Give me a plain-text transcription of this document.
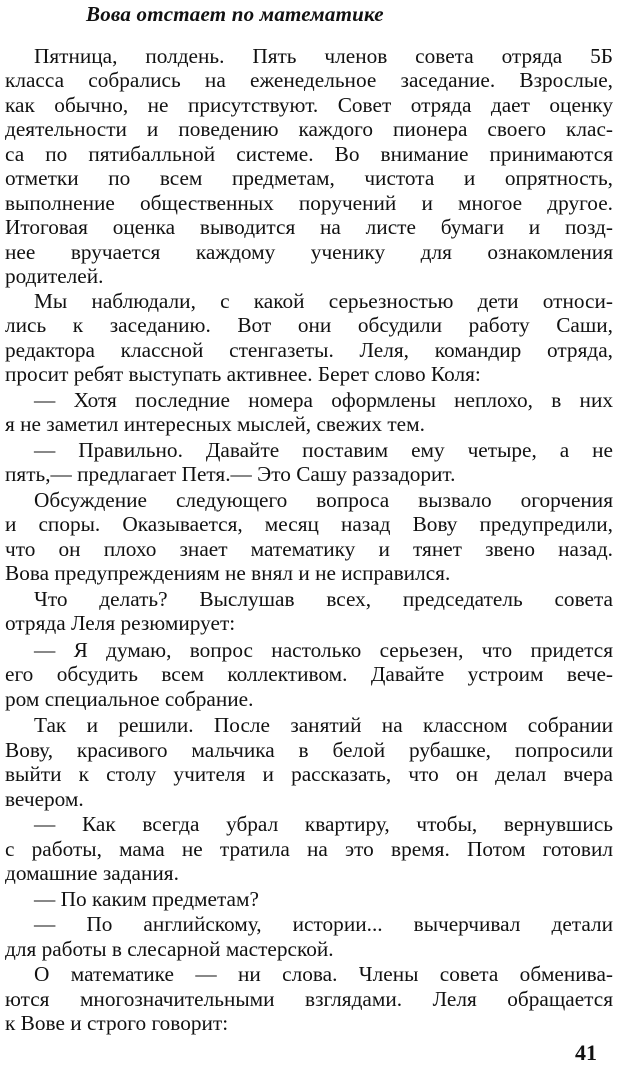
Вова отстает по математике
Пятница, полдень. Пять членов совета отряда 5Б
класса собрались на еженедельное заседание. Взрослые,
как обычно, не присутствуют. Совет отряда дает оценку
деятельности и поведению каждого пионера своего клас-
са по пятибалльной системе. Во внимание принимаются
отметки по всем предметам, чистота и опрятность,
выполнение общественных поручений и многое другое.
Итоговая оценка выводится на листе бумаги и позд-
нее вручается каждому ученику для ознакомления
родителей.
Мы наблюдали, с какой серьезностью дети относи-
лись к заседанию. Вот они обсудили работу Саши,
редактора классной стенгазеты. Леля, командир отряда,
просит ребят выступать активнее. Берет слово Коля:
— Хотя последние номера оформлены неплохо, в них
я не заметил интересных мыслей, свежих тем.
— Правильно. Давайте поставим ему четыре, а не
пять,— предлагает Петя.— Это Сашу раззадорит.
Обсуждение следующего вопроса вызвало огорчения
и споры. Оказывается, месяц назад Вову предупредили,
что он плохо знает математику и тянет звено назад.
Вова предупреждениям не внял и не исправился.
Что делать? Выслушав всех, председатель совета
отряда Леля резюмирует:
— Я думаю, вопрос настолько серьезен, что придется
его обсудить всем коллективом. Давайте устроим вече-
ром специальное собрание.
Так и решили. После занятий на классном собрании
Вову, красивого мальчика в белой рубашке, попросили
выйти к столу учителя и рассказать, что он делал вчера
вечером.
— Как всегда убрал квартиру, чтобы, вернувшись
с работы, мама не тратила на это время. Потом готовил
домашние задания.
— По каким предметам?
— По английскому, истории... вычерчивал детали
для работы в слесарной мастерской.
О математике — ни слова. Члены совета обменива-
ются многозначительными взглядами. Леля обращается
к Вове и строго говорит:
41
